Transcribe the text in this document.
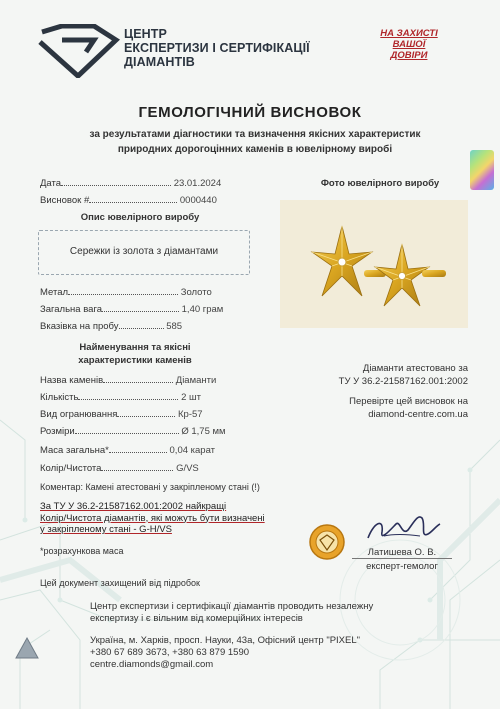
ЦЕНТР
ЕКСПЕРТИЗИ І СЕРТИФІКАЦІЇ
ДІАМАНТІВ
НА ЗАХИСТІ
ВАШОЇ
ДОВІРИ
ГЕМОЛОГІЧНИЙ ВИСНОВОК
за результатами діагностики та визначення якісних характеристик
природних дорогоцінних каменів в ювелірному виробі
Дата	23.01.2024
Висновок #	0000440
Опис ювелірного виробу
Сережки із золота з діамантами
Фото ювелірного виробу
Метал	Золото
Загальна вага	1,40 грам
Вказівка на пробу	585
Найменування та якісні
характеристики каменів
Назва каменів	Діаманти
Кількість	2 шт
Вид огранювання	Кр-57
Розміри	Ø 1,75 мм
Маса загальна*	0,04 карат
Колір/Чистота	G/VS
Діаманти атестовано за
ТУ У 36.2-21587162.001:2002
Перевірте цей висновок на
diamond-centre.com.ua
Коментар: Камені атестовані у закріпленому стані (!)
За ТУ У 36.2-21587162.001:2002 найкращі
Колір/Чистота діамантів, які можуть бути визначені
у закріпленому стані - G-H/VS
*розрахункова маса	Латишева О. В.
експерт-гемолог
Цей документ захищений від підробок
Центр експертизи і сертифікації діамантів проводить незалежну
експертизу і є вільним від комерційних інтересів
Україна, м. Харків, просп. Науки, 43а, Офісний центр "PIXEL"
+380 67 689 3673, +380 63 879 1590
centre.diamonds@gmail.com
